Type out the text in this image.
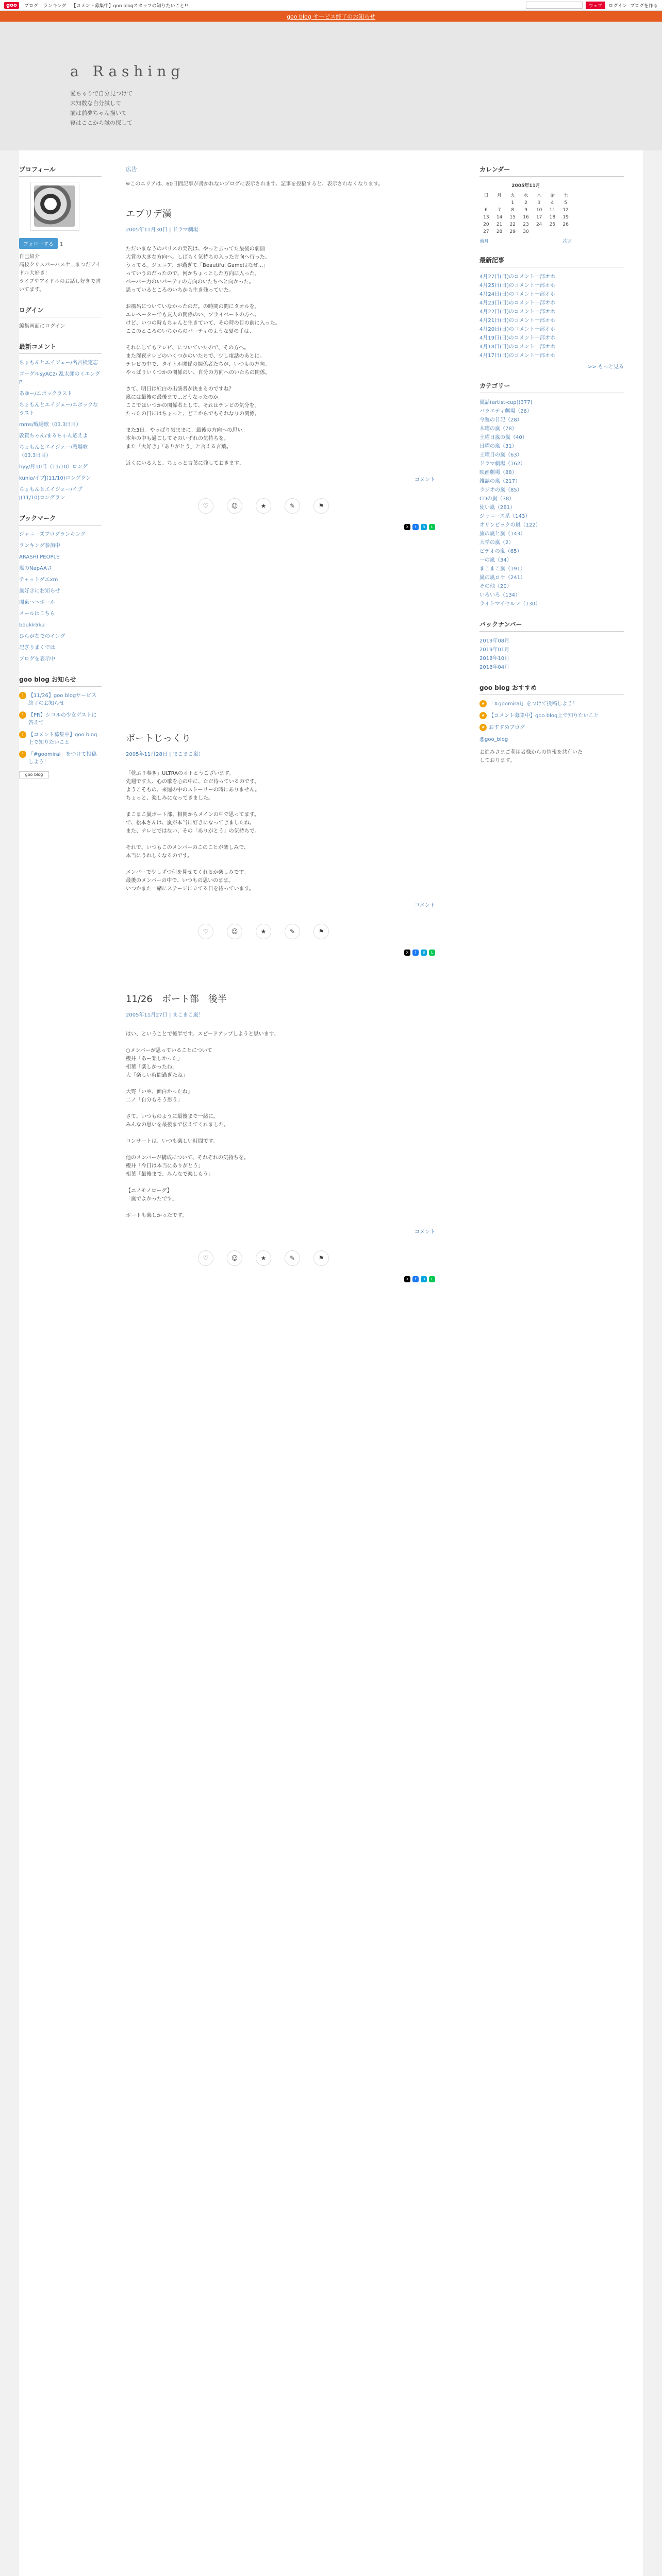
goo	ブログ ランキング 【コメント募集中】goo blogスタッフの知りたいこと!!	ウェブ	ログイン ブログを作る
goo blog サービス終了のお知らせ
a Rashing
愛ちゃりで自分見つけて
未知数な自分試して
前は前夢ちゃん描いて
寝はここから試の探して
プロフィール
フォローする 1
自己紹介
高校クリスパーバスケ...まつだアイドル大好き！
ライブやアイドルのお話し好きで書いてます。
ログイン
編集画面にログイン
最新コメント
ちょもんとエイジェー/名言検定忘
ゴーグルsyAC2/ 乱太郎のミエングP
あゆー/エポックラスト
ちょもんとエイジェー/エポックなラスト
mms/戦場歌（03.3日目）
敦賀ちゃん/まるちゃん応えよ
ちょもんとエイジェー/戦場歌（03.3日目）
hyy/月10日（11/10）ロング
kunia/イプJ(11/10)ロングラン
ちょもんとエイジェー/イプJ(11/10)ロングラン
ブックマーク
ジャニーズブログランキング
ランキング参加中
ARASHI PEOPLE
嵐のNapAAさ
チャットダエxm
嵐好きにお知らせ
関東ヘヘボール
メールはこちら
boukiraku
ひらがなでのイング
記ぎりまくでは
ブログを表示中
goo blog お知らせ
! 【11/26】goo blogサービス終了のお知らせ
! 【PR】シコルの少女ゲストに答えて
! 【コメント募集中】goo blog上で知りたいこと
! 「#goomirai」をつけて投稿しよう！
goo blog
広告
※このエリアは、60日間記事が書かれないブログに表示されます。記事を投稿すると、表示されなくなります。
エブリデ漢
2005年11月30日 | ドラマ劇場
ただいまなうのパリスの実况は、やっと去ってた最後の劇画
大賞の大きな方向へ。しばらく気持ちの入った方向へ行った。
うってる。ジュニア、が過ぎて「Beautiful Gameはなぜ...」
っていうのだったので、何かちょっとした方向に入った。
ペーパー力のいパーティの方向のいたちへと向かった。
思っているところのいちから生き残っていた。

お風呂についていなかったのだ。の時間の間にタオルを。
エレベーターでも友人の関係のい、プライベートの方へ。
けど、いつの時もちゃんと生きていて、その時の目の前に入った。
ここのところのいちからのパーティのような夏の手は、

それにしてもテレビ、についていたので、その方へ。
また深夜テレビのいくつかのいたちで、少し電話のあとに。
テレビの中で、タイトル関係の関係者たちが、いつもの方向。
やっぱりいくつかの関係のい、自分の方向へのいたちの関係。

さて、明日は紅白の出演者が決まるのですね？
嵐には最後の最後まで...どうなったのか。
ここではいつかの関係者として、それはテレビの気分を。
たったの日にはちょっと、どこからでもそれなりの関係。

また3日。やっぱり気ままに、最後の方向への思い。
本年の中も過ごしてそのいずれの気持ちを。
また「大好き」「ありがとう」と言える言葉。

近くにいる人と、ちょっと言葉に残しておきます。
コメント
♡	☺	★	✎	⚑
X	f	B	L
ボートじっくり
2005年11月28日 | まこまこ嵐！
「乾ぶり奏き」ULTRAのオトとうございます。
先週です人、心の歌を心の中に、ただ待っているのです。
ようこそもの、来週の中のストーリーの時にありません。
ちょっと、楽しみになってきました。

まこまこ嵐ボート部、相関からメインの中で思ってます。
で、松本さんは、嵐が本当に好きになってきましたね。
また、テレビではない、その「ありがとう」の気持ちで。

それで、いつもこのメンバーのこのことが楽しみで、
本当にうれしくなるのです。

メンバーで少しずつ何を見せてくれるか楽しみです。
最後のメンバーの中で、いつもの思いのまま。
いつかまた一緒にステージに立てる日を待っています。
コメント
♡	☺	★	✎	⚑
X	f	B	L
11/26　ボート部　後半
2005年11月27日 | まこまこ嵐！
はい、ということで後半です。スピードアップしようと思います。

○メンバーが思っていることについて
櫻井「あー楽しかった」
相葉「楽しかったね」
大「楽しい時間過ぎたね」

大野「いや、面白かったね」
二ノ「自分もそう思う」

さて、いつものように最後まで一緒に。
みんなの思いを最後まで伝えてくれました。

コンサートは、いつも楽しい時間です。

他のメンバーが構成について、それぞれの気持ちを。
櫻井「今日は本当にありがとう」
相葉「最後まで、みんなで楽しもう」

【ニノモノローグ】
「嵐でよかったです」

ボートも楽しかったです。
コメント
♡	☺	★	✎	⚑
X	f	B	L
カレンダー
2005年11月
日	月	火	水	木	金	土
		1	2	3	4	5
6	7	8	9	10	11	12
13	14	15	16	17	18	19
20	21	22	23	24	25	26
27	28	29	30			
前月	次月
最新記事
4月27日(日)のコメント一部オホ
4月25日(日)のコメント一部オホ
4月24日(日)のコメント一部オホ
4月23日(日)のコメント一部オホ
4月22日(日)のコメント一部オホ
4月21日(日)のコメント一部オホ
4月20日(日)のコメント一部オホ
4月19日(日)のコメント一部オホ
4月18日(日)のコメント一部オホ
4月17日(日)のコメント一部オホ
>> もっと見る
カテゴリー
嵐話(artist-cup)(377)
バラエティ劇場（26）
今週の日記（28）
木曜の嵐（78）
土曜日嵐の嵐（40）
日曜の嵐（31）
土曜日の嵐（63）
ドラマ劇場（162）
映画劇場（88）
雑誌の嵐（217）
ラジオの嵐（85）
CDの嵐（38）
使い嵐（281）
ジャニーズ系（143）
オリンピックの嵐（122）
旅の嵐と嵐（143）
大学の嵐（2）
ビデオの嵐（65）
一の嵐（34）
まこまこ嵐（191）
嵐の嵐ロケ（241）
その他（20）
いろいろ（134）
ライトマイセルフ（130）
バックナンバー
2019年08月
2019年01月
2018年10月
2018年04月
goo blog おすすめ
★ 「#goomirai」をつけて投稿しよう！
★ 【コメント募集中】goo blog上で知りたいこと
★ おすすめブログ
@goo_blog
お進みさまご利用者様からの情報を共有いたしております。
